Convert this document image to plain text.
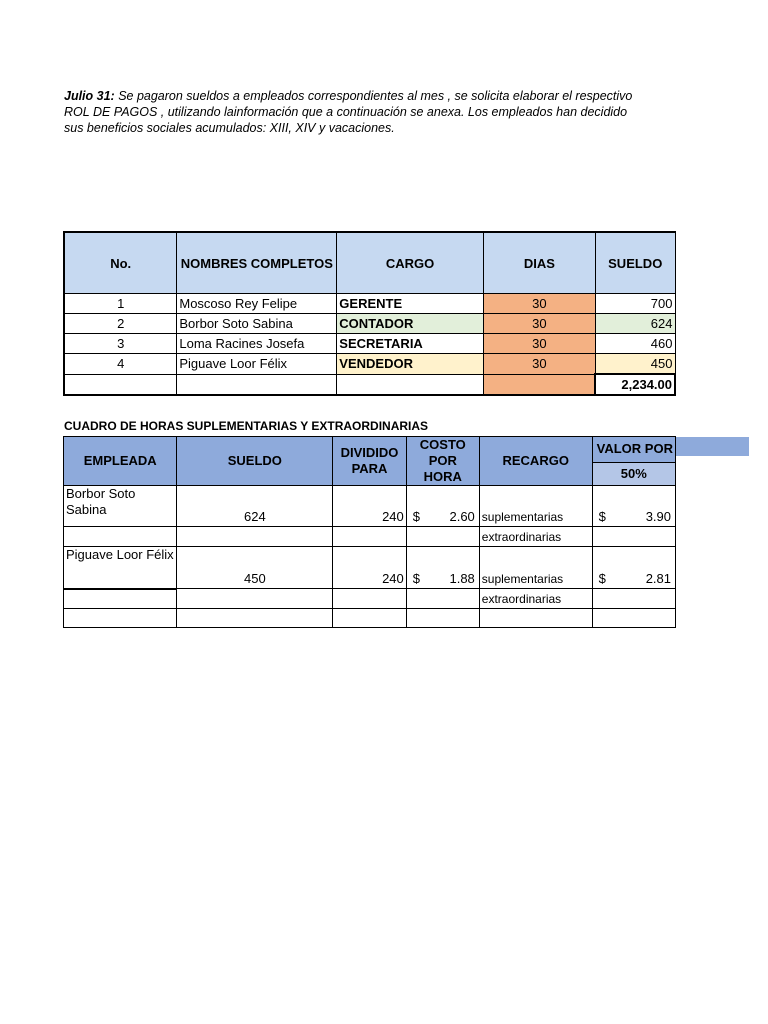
Julio 31: Se pagaron sueldos a empleados correspondientes al mes , se solicita elaborar el respectivo
ROL DE PAGOS , utilizando lainformación que a continuación se anexa. Los empleados han decidido
sus beneficios sociales acumulados: XIII, XIV y vacaciones.
No.	NOMBRES COMPLETOS	CARGO	DIAS	SUELDO
1	Moscoso Rey Felipe	GERENTE	30	700
2	Borbor Soto Sabina	CONTADOR	30	624
3	Loma Racines Josefa	SECRETARIA	30	460
4	Piguave Loor Félix	VENDEDOR	30	450
				2,234.00
CUADRO DE HORAS SUPLEMENTARIAS Y EXTRAORDINARIAS
EMPLEADA	SUELDO	DIVIDIDO PARA	COSTO POR HORA	RECARGO	VALOR POR
					50%
Borbor Soto Sabina	624	240	$ 2.60	suplementarias	$ 3.90

				extraordinarias	
Piguave Loor Félix	450	240	$ 1.88	suplementarias	$ 2.81

				extraordinarias	
